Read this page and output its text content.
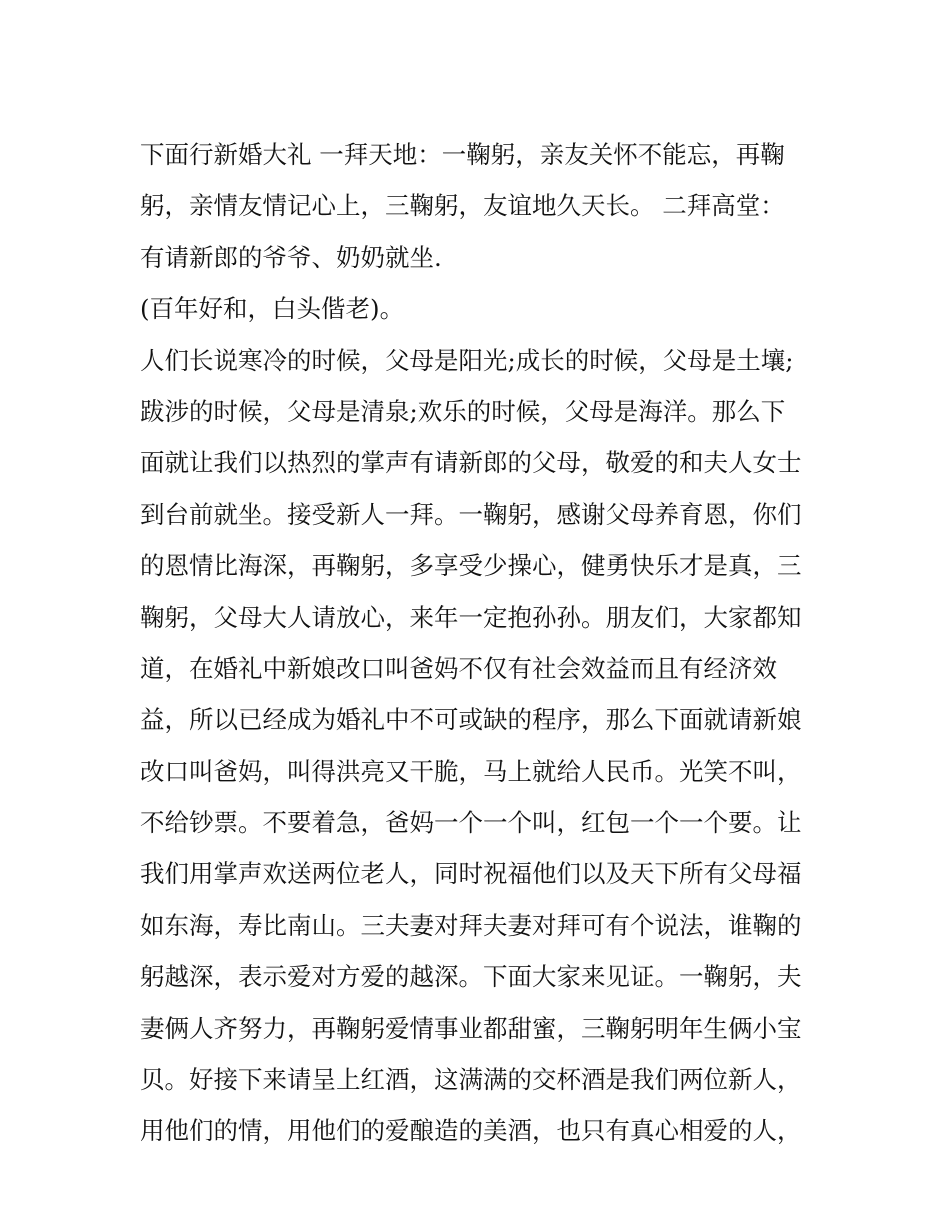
下面行新婚大礼 一拜天地：一鞠躬，亲友关怀不能忘，再鞠
躬，亲情友情记心上，三鞠躬，友谊地久天长。 二拜高堂：
有请新郎的爷爷、奶奶就坐.
(百年好和，白头偕老)。
人们长说寒冷的时候，父母是阳光;成长的时候，父母是土壤;
跋涉的时候，父母是清泉;欢乐的时候，父母是海洋。那么下
面就让我们以热烈的掌声有请新郎的父母，敬爱的和夫人女士
到台前就坐。接受新人一拜。一鞠躬，感谢父母养育恩，你们
的恩情比海深，再鞠躬，多享受少操心，健勇快乐才是真，三
鞠躬，父母大人请放心，来年一定抱孙孙。朋友们，大家都知
道，在婚礼中新娘改口叫爸妈不仅有社会效益而且有经济效
益，所以已经成为婚礼中不可或缺的程序，那么下面就请新娘
改口叫爸妈，叫得洪亮又干脆，马上就给人民币。光笑不叫，
不给钞票。不要着急，爸妈一个一个叫，红包一个一个要。让
我们用掌声欢送两位老人，同时祝福他们以及天下所有父母福
如东海，寿比南山。三夫妻对拜夫妻对拜可有个说法，谁鞠的
躬越深，表示爱对方爱的越深。下面大家来见证。一鞠躬，夫
妻俩人齐努力，再鞠躬爱情事业都甜蜜，三鞠躬明年生俩小宝
贝。好接下来请呈上红酒，这满满的交杯酒是我们两位新人，
用他们的情，用他们的爱酿造的美酒，也只有真心相爱的人，
